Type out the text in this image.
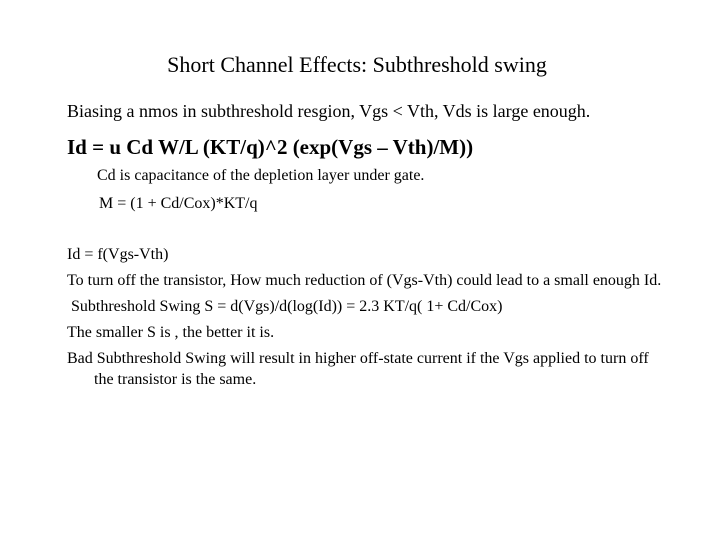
Short Channel Effects: Subthreshold swing
Biasing a nmos in subthreshold resgion, Vgs < Vth, Vds is large enough.
Id = u Cd W/L (KT/q)^2 (exp(Vgs – Vth)/M))
Cd is capacitance of the depletion layer under gate.
M = (1 + Cd/Cox)*KT/q

Id = f(Vgs-Vth)

To turn off the transistor, How much reduction of (Vgs-Vth) could lead to a small enough Id.

Subthreshold Swing S = d(Vgs)/d(log(Id)) = 2.3 KT/q( 1+ Cd/Cox)

The smaller S is , the better it is.

Bad Subthreshold Swing will result in higher off-state current if the Vgs applied to turn off the transistor is the same.
